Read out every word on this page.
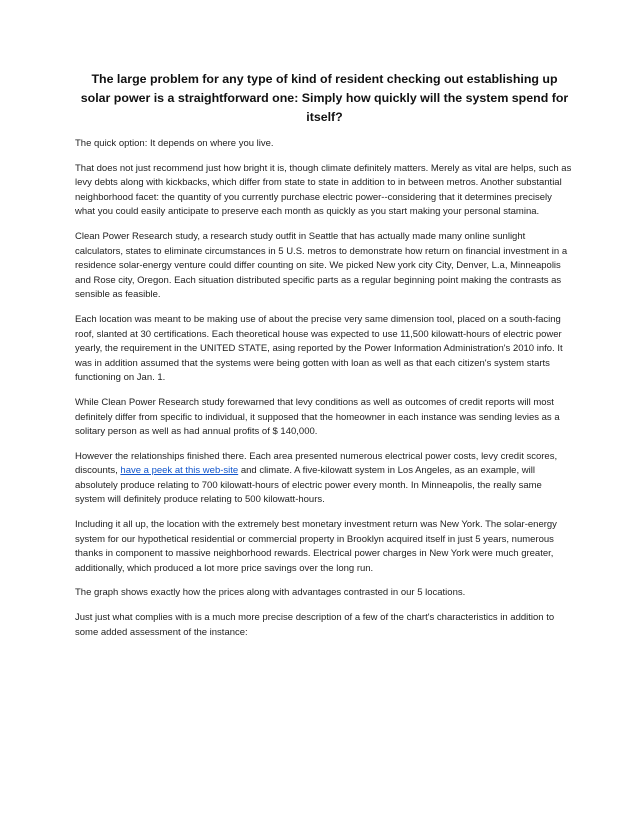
The large problem for any type of kind of resident checking out establishing up solar power is a straightforward one: Simply how quickly will the system spend for itself?

The quick option: It depends on where you live.

That does not just recommend just how bright it is, though climate definitely matters. Merely as vital are helps, such as levy debts along with kickbacks, which differ from state to state in addition to in between metros. Another substantial neighborhood facet: the quantity of you currently purchase electric power--considering that it determines precisely what you could easily anticipate to preserve each month as quickly as you start making your personal stamina.

Clean Power Research study, a research study outfit in Seattle that has actually made many online sunlight calculators, states to eliminate circumstances in 5 U.S. metros to demonstrate how return on financial investment in a residence solar-energy venture could differ counting on site. We picked New york city City, Denver, L.a, Minneapolis and Rose city, Oregon. Each situation distributed specific parts as a regular beginning point making the contrasts as sensible as feasible.

Each location was meant to be making use of about the precise very same dimension tool, placed on a south-facing roof, slanted at 30 certifications. Each theoretical house was expected to use 11,500 kilowatt-hours of electric power yearly, the requirement in the UNITED STATE, asing reported by the Power Information Administration's 2010 info. It was in addition assumed that the systems were being gotten with loan as well as that each citizen's system starts functioning on Jan. 1.

While Clean Power Research study forewarned that levy conditions as well as outcomes of credit reports will most definitely differ from specific to individual, it supposed that the homeowner in each instance was sending levies as a solitary person as well as had annual profits of $ 140,000.

However the relationships finished there. Each area presented numerous electrical power costs, levy credit scores, discounts, have a peek at this web-site and climate. A five-kilowatt system in Los Angeles, as an example, will absolutely produce relating to 700 kilowatt-hours of electric power every month. In Minneapolis, the really same system will definitely produce relating to 500 kilowatt-hours.

Including it all up, the location with the extremely best monetary investment return was New York. The solar-energy system for our hypothetical residential or commercial property in Brooklyn acquired itself in just 5 years, numerous thanks in component to massive neighborhood rewards. Electrical power charges in New York were much greater, additionally, which produced a lot more price savings over the long run.

The graph shows exactly how the prices along with advantages contrasted in our 5 locations.

Just just what complies with is a much more precise description of a few of the chart's characteristics in addition to some added assessment of the instance:
